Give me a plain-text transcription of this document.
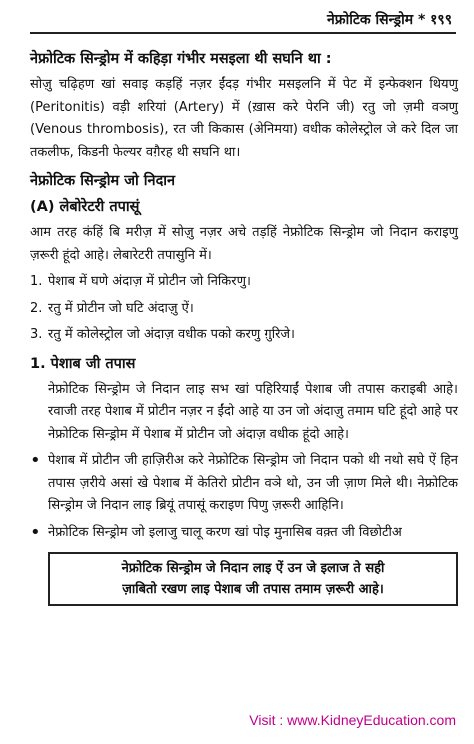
नेफ्रोटिक सिन्ड्रोम * १९९
नेफ्रोटिक सिन्ड्रोम में कहिड़ा गंभीर मसइला थी सघनि था :
सोज़ु चढ़िहण खां सवाइ कड़हिं नज़र ईंदड़ गंभीर मसइलनि में पेट में इन्फेक्शन थियणु (Peritonitis) वड़ी शरियां (Artery) में (ख़ास करे पेरनि जी) रतु जो ज़मी वञणु (Venous thrombosis), रत जी किकास (अेनिमया) वधीक कोलेस्ट्रोल जे करे दिल जा तकलीफ, किडनी फेल्यर वग़ैरह थी सघनि था।
नेफ्रोटिक सिन्ड्रोम जो निदान
(A) लेबोरेटरी तपासूं
आम तरह कंहिं बि मरीज़ में सोज़ु नज़र अचे तड़हिं नेफ्रोटिक सिन्ड्रोम जो निदान कराइणु ज़रूरी हूंदो आहे। लेबारेटरी तपासुनि में।
1. पेशाब में घणे अंदाज़ में प्रोटीन जो निकिरणु।
2. रतु में प्रोटीन जो घटि अंदाज़ु ऐं।
3. रतु में कोलेस्ट्रोल जो अंदाज़ वधीक पको करणु ग़ुरिजे।
1. पेशाब जी तपास
नेफ्रोटिक सिन्ड्रोम जे निदान लाइ सभ खां पहिरियाईं पेशाब जी तपास कराइबी आहे। रवाजी तरह पेशाब में प्रोटीन नज़र न ईंदो आहे या उन जो अंदाज़ु तमाम घटि हूंदो आहे पर नेफ्रोटिक सिन्ड्रोम में पेशाब में प्रोटीन जो अंदाज़ वधीक हूंदो आहे।
• पेशाब में प्रोटीन जी हाज़िरीअ करे नेफ्रोटिक सिन्ड्रोम जो निदान पको थी नथो सघे ऐं हिन तपास ज़रीये असां खे पेशाब में केतिरो प्रोटीन वञे थो, उन जी ज़ाण मिले थी। नेफ्रोटिक सिन्ड्रोम जे निदान लाइ ब्रियूं तपासूं कराइण पिणु ज़रूरी आहिनि।
• नेफ्रोटिक सिन्ड्रोम जो इलाजु चालू करण खां पोइ मुनासिब वक़्त जी विछोटीअ
नेफ्रोटिक सिन्ड्रोम जे निदान लाइ ऐं उन जे इलाज ते सही
ज़ाबितो रखण लाइ पेशाब जी तपास तमाम ज़रूरी आहे।
Visit : www.KidneyEducation.com
